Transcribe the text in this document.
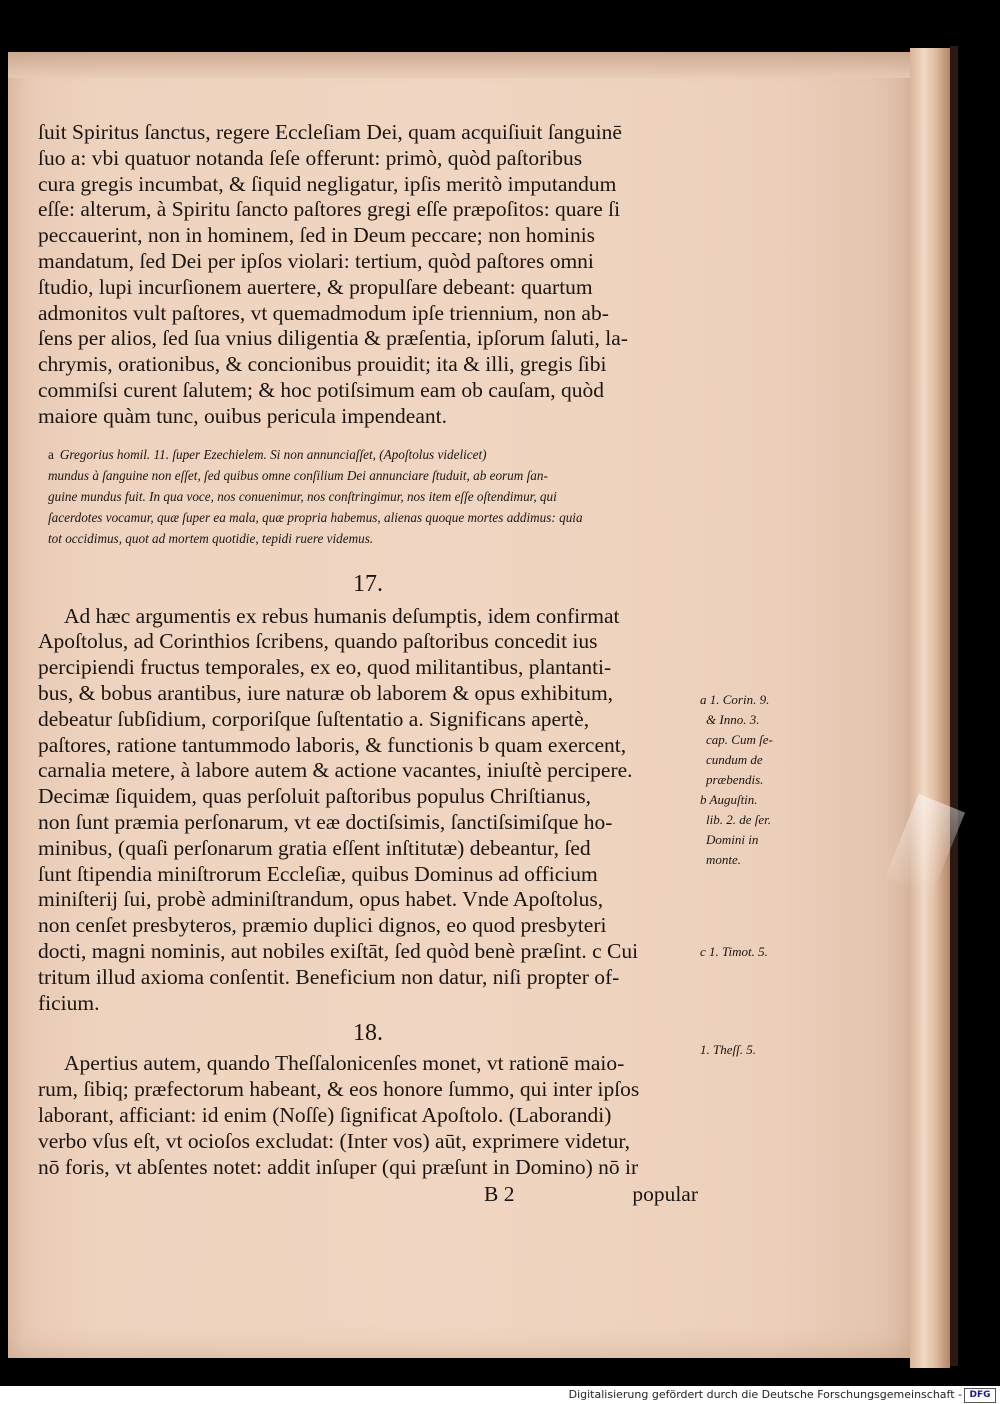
ſuit Spiritus ſanctus, regere Eccleſiam Dei, quam acquiſiuit ſanguinē

ſuo a: vbi quatuor notanda ſeſe offerunt: primò, quòd paſtoribus

cura gregis incumbat, & ſiquid negligatur, ipſis meritò imputandum

eſſe: alterum, à Spiritu ſancto paſtores gregi eſſe præpoſitos: quare ſi

peccauerint, non in hominem, ſed in Deum peccare; non hominis

mandatum, ſed Dei per ipſos violari: tertium, quòd paſtores omni

ſtudio, lupi incurſionem auertere, & propulſare debeant: quartum

admonitos vult paſtores, vt quemadmodum ipſe triennium, non ab-

ſens per alios, ſed ſua vnius diligentia & præſentia, ipſorum ſaluti, la-

chrymis, orationibus, & concionibus prouidit; ita & illi, gregis ſibi

commiſsi curent ſalutem; & hoc potiſsimum eam ob cauſam, quòd

maiore quàm tunc, ouibus pericula impendeant.

a Gregorius homil. 11. ſuper Ezechielem. Si non annunciaſſet, (Apoſtolus videlicet)
mundus à ſanguine non eſſet, ſed quibus omne conſilium Dei annunciare ſtuduit, ab eorum ſan-
guine mundus fuit. In qua voce, nos conuenimur, nos conſtringimur, nos item eſſe oſtendimur, qui
ſacerdotes vocamur, quæ ſuper ea mala, quæ propria habemus, alienas quoque mortes addimus: quia
tot occidimus, quot ad mortem quotidie, tepidi ruere videmus.
17.

Ad hæc argumentis ex rebus humanis deſumptis, idem confirmat

Apoſtolus, ad Corinthios ſcribens, quando paſtoribus concedit ius

percipiendi fructus temporales, ex eo, quod militantibus, plantanti-

bus, & bobus arantibus, iure naturæ ob laborem & opus exhibitum,

debeatur ſubſidium, corporiſque ſuſtentatio a. Significans apertè,

paſtores, ratione tantummodo laboris, & functionis b quam exercent,

carnalia metere, à labore autem & actione vacantes, iniuſtè percipere.

Decimæ ſiquidem, quas perſoluit paſtoribus populus Chriſtianus,

non ſunt præmia perſonarum, vt eæ doctiſsimis, ſanctiſsimiſque ho-

minibus, (quaſi perſonarum gratia eſſent inſtitutæ) debeantur, ſed

ſunt ſtipendia miniſtrorum Eccleſiæ, quibus Dominus ad officium

miniſterij ſui, probè adminiſtrandum, opus habet. Vnde Apoſtolus,

non cenſet presbyteros, præmio duplici dignos, eo quod presbyteri

docti, magni nominis, aut nobiles exiſtāt, ſed quòd benè præſint. c Cui

tritum illud axioma conſentit. Beneficium non datur, niſi propter of-

ficium.

18.

Apertius autem, quando Theſſalonicenſes monet, vt rationē maio-

rum, ſibiq; præfectorum habeant, & eos honore ſummo, qui inter ipſos

laborant, afficiant: id enim (Noſſe) ſignificat Apoſtolo. (Laborandi)

verbo vſus eſt, vt ocioſos excludat: (Inter vos) aūt, exprimere videtur,

nō foris, vt abſentes notet: addit inſuper (qui præſunt in Domino) nō ir

B 2	popular
a 1. Corin. 9.
& Inno. 3.
cap. Cum ſe-
cundum de
præbendis.
b Auguſtin.
lib. 2. de ſer.
Domini in
monte.
c 1. Timot. 5.
1. Theſſ. 5.
Digitalisierung gefördert durch die Deutsche Forschungsgemeinschaft - DFG
